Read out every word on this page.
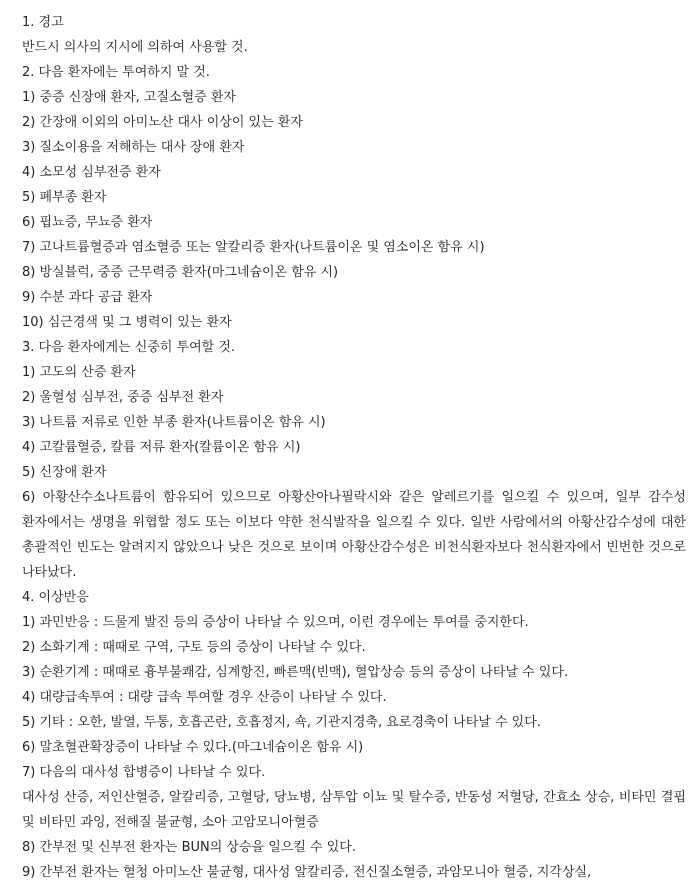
1. 경고
반드시 의사의 지시에 의하여 사용할 것.
2. 다음 환자에는 투여하지 말 것.
1) 중증 신장애 환자, 고질소혈증 환자
2) 간장애 이외의 아미노산 대사 이상이 있는 환자
3) 질소이용을 저해하는 대사 장애 환자
4) 소모성 심부전증 환자
5) 폐부종 환자
6) 핍뇨증, 무뇨증 환자
7) 고나트륨혈증과 염소혈증 또는 알칼리증 환자(나트륨이온 및 염소이온 함유 시)
8) 방실블럭, 중증 근무력증 환자(마그네슘이온 함유 시)
9) 수분 과다 공급 환자
10) 심근경색 및 그 병력이 있는 환자
3. 다음 환자에게는 신중히 투여할 것.
1) 고도의 산증 환자
2) 울혈성 심부전, 중증 심부전 환자
3) 나트륨 저류로 인한 부종 환자(나트륨이온 함유 시)
4) 고칼륨혈증, 칼륨 저류 환자(칼륨이온 함유 시)
5) 신장애 환자
6) 아황산수소나트륨이 함유되어 있으므로 아황산아나필락시와 같은 알레르기를 일으킬 수 있으며, 일부 감수성 환자에서는 생명을 위협할 정도 또는 이보다 약한 천식발작을 일으킬 수 있다. 일반 사람에서의 아황산감수성에 대한 총괄적인 빈도는 알려지지 않았으나 낮은 것으로 보이며 아황산감수성은 비천식환자보다 천식환자에서 빈번한 것으로 나타났다.
4. 이상반응
1) 과민반응 : 드물게 발진 등의 증상이 나타날 수 있으며, 이런 경우에는 투여를 중지한다.
2) 소화기계 : 때때로 구역, 구토 등의 증상이 나타날 수 있다.
3) 순환기계 : 때때로 흉부불쾌감, 심계항진, 빠른맥(빈맥), 혈압상승 등의 증상이 나타날 수 있다.
4) 대량급속투여 : 대량 급속 투여할 경우 산증이 나타날 수 있다.
5) 기타 : 오한, 발열, 두통, 호흡곤란, 호흡정지, 쇽, 기관지경축, 요로경축이 나타날 수 있다.
6) 말초혈관확장증이 나타날 수 있다.(마그네슘이온 함유 시)
7) 다음의 대사성 합병증이 나타날 수 있다.
대사성 산증, 저인산혈증, 알칼리증, 고혈당, 당뇨병, 삼투압 이뇨 및 탈수증, 반동성 저혈당, 간효소 상승, 비타민 결핍 및 비타민 과잉, 전해질 불균형, 소아 고암모니아혈증
8) 간부전 및 신부전 환자는 BUN의 상승을 일으킬 수 있다.
9) 간부전 환자는 혈청 아미노산 불균형, 대사성 알칼리증, 전신질소혈증, 과암모니아 혈증, 지각상실,
